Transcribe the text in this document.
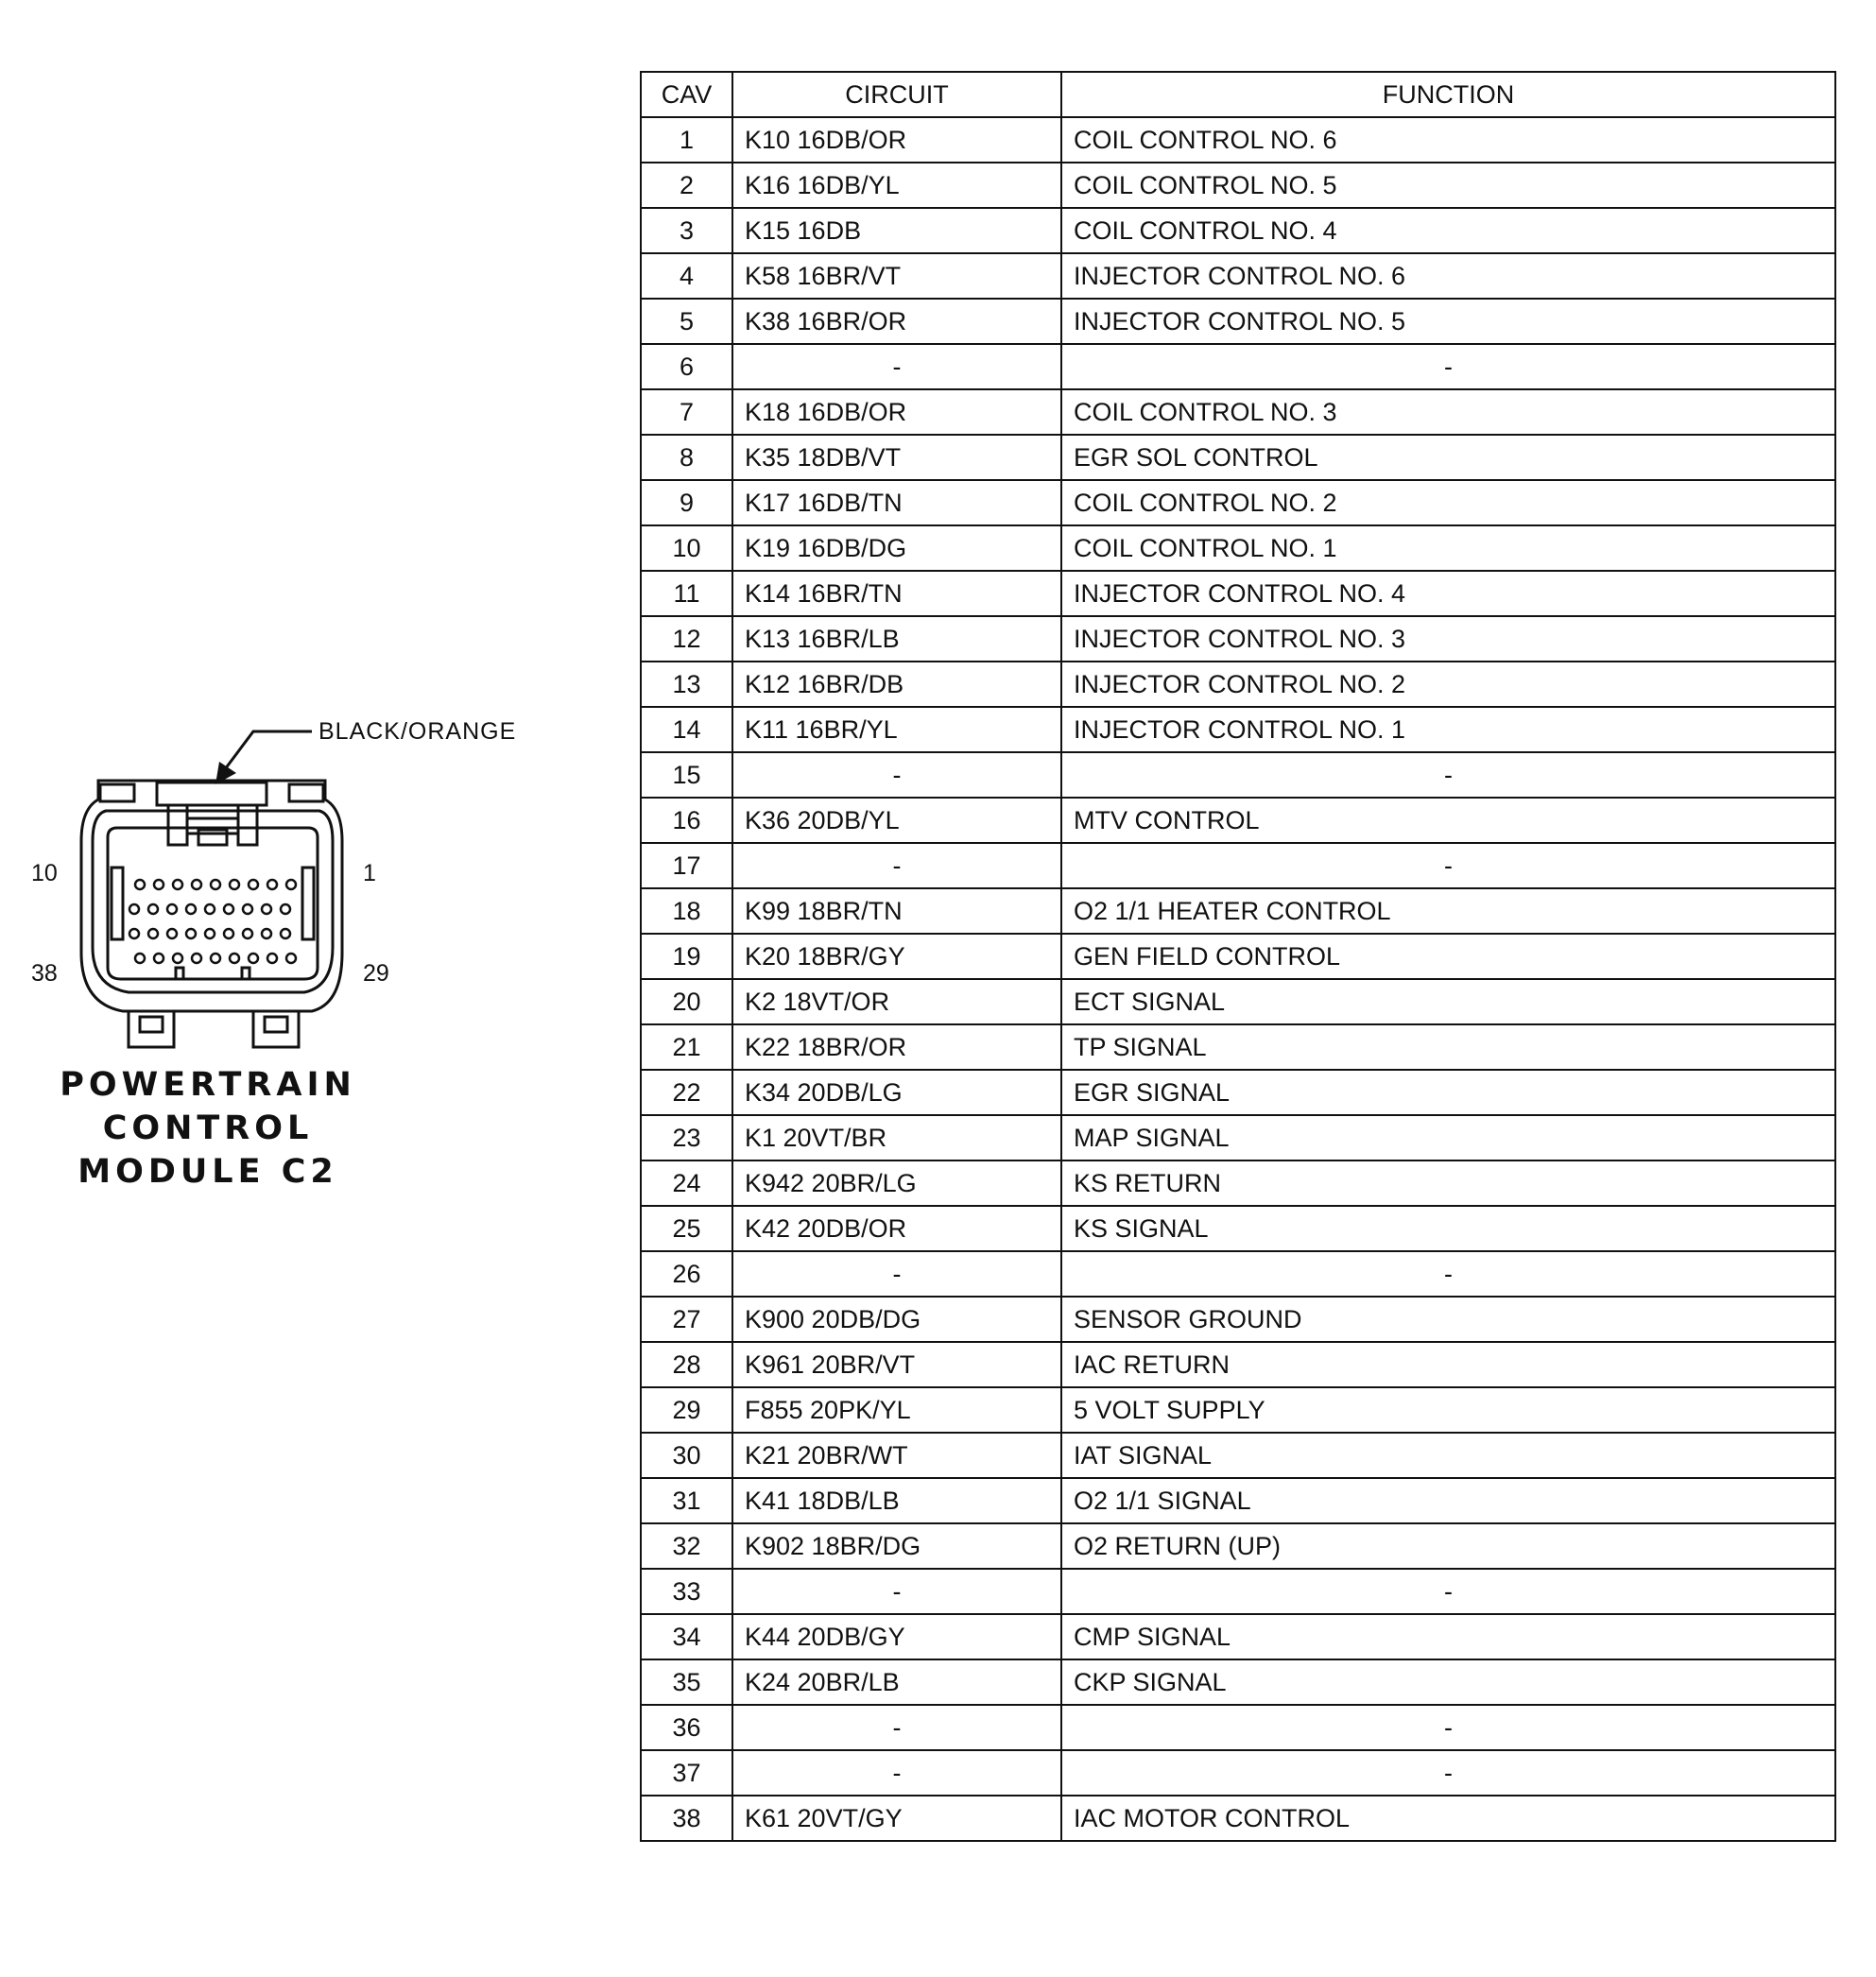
BLACK/ORANGE
10	1
38	29
POWERTRAIN
CONTROL
MODULE C2
CAV	CIRCUIT	FUNCTION
1	K10 16DB/OR	COIL CONTROL NO. 6
2	K16 16DB/YL	COIL CONTROL NO. 5
3	K15 16DB	COIL CONTROL NO. 4
4	K58 16BR/VT	INJECTOR CONTROL NO. 6
5	K38 16BR/OR	INJECTOR CONTROL NO. 5
6	-	-
7	K18 16DB/OR	COIL CONTROL NO. 3
8	K35 18DB/VT	EGR SOL CONTROL
9	K17 16DB/TN	COIL CONTROL NO. 2
10	K19 16DB/DG	COIL CONTROL NO. 1
11	K14 16BR/TN	INJECTOR CONTROL NO. 4
12	K13 16BR/LB	INJECTOR CONTROL NO. 3
13	K12 16BR/DB	INJECTOR CONTROL NO. 2
14	K11 16BR/YL	INJECTOR CONTROL NO. 1
15	-	-
16	K36 20DB/YL	MTV CONTROL
17	-	-
18	K99 18BR/TN	O2 1/1 HEATER CONTROL
19	K20 18BR/GY	GEN FIELD CONTROL
20	K2 18VT/OR	ECT SIGNAL
21	K22 18BR/OR	TP SIGNAL
22	K34 20DB/LG	EGR SIGNAL
23	K1 20VT/BR	MAP SIGNAL
24	K942 20BR/LG	KS RETURN
25	K42 20DB/OR	KS SIGNAL
26	-	-
27	K900 20DB/DG	SENSOR GROUND
28	K961 20BR/VT	IAC RETURN
29	F855 20PK/YL	5 VOLT SUPPLY
30	K21 20BR/WT	IAT SIGNAL
31	K41 18DB/LB	O2 1/1 SIGNAL
32	K902 18BR/DG	O2 RETURN (UP)
33	-	-
34	K44 20DB/GY	CMP SIGNAL
35	K24 20BR/LB	CKP SIGNAL
36	-	-
37	-	-
38	K61 20VT/GY	IAC MOTOR CONTROL
